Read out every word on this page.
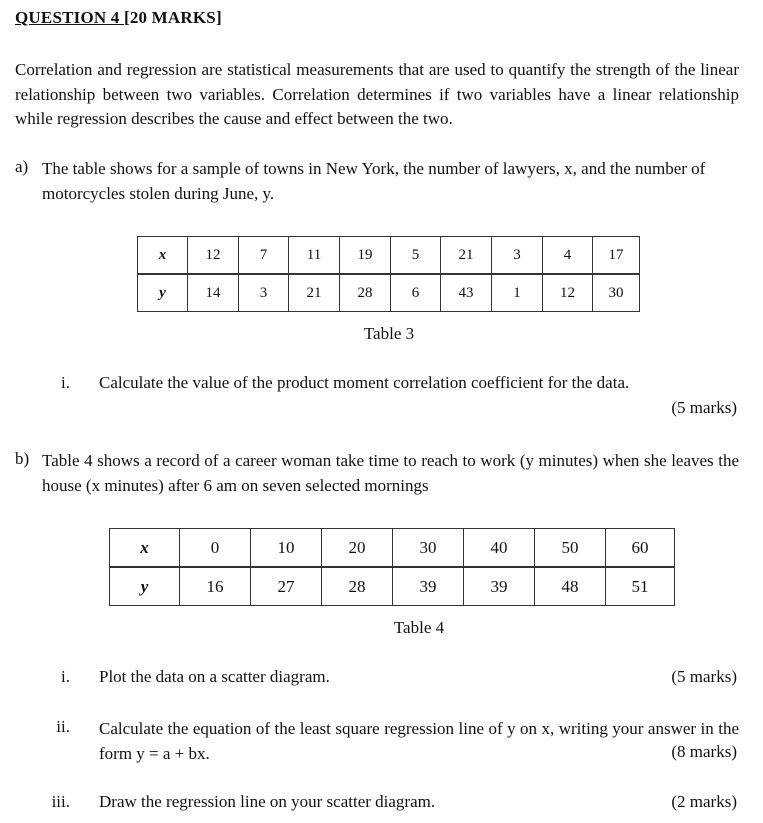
QUESTION 4 [20 MARKS]
Correlation and regression are statistical measurements that are used to quantify the strength of the linear relationship between two variables. Correlation determines if two variables have a linear relationship while regression describes the cause and effect between the two.
a) The table shows for a sample of towns in New York, the number of lawyers, x, and the number of motorcycles stolen during June, y.
x	12	7	11	19	5	21	3	4	17
y	14	3	21	28	6	43	1	12	30
Table 3
i. Calculate the value of the product moment correlation coefficient for the data.
(5 marks)
b) Table 4 shows a record of a career woman take time to reach to work (y minutes) when she leaves the house (x minutes) after 6 am on seven selected mornings
x	0	10	20	30	40	50	60
y	16	27	28	39	39	48	51
Table 4
i. Plot the data on a scatter diagram.	(5 marks)
ii. Calculate the equation of the least square regression line of y on x, writing your answer in the form y = a + bx.	(8 marks)
iii. Draw the regression line on your scatter diagram.	(2 marks)
